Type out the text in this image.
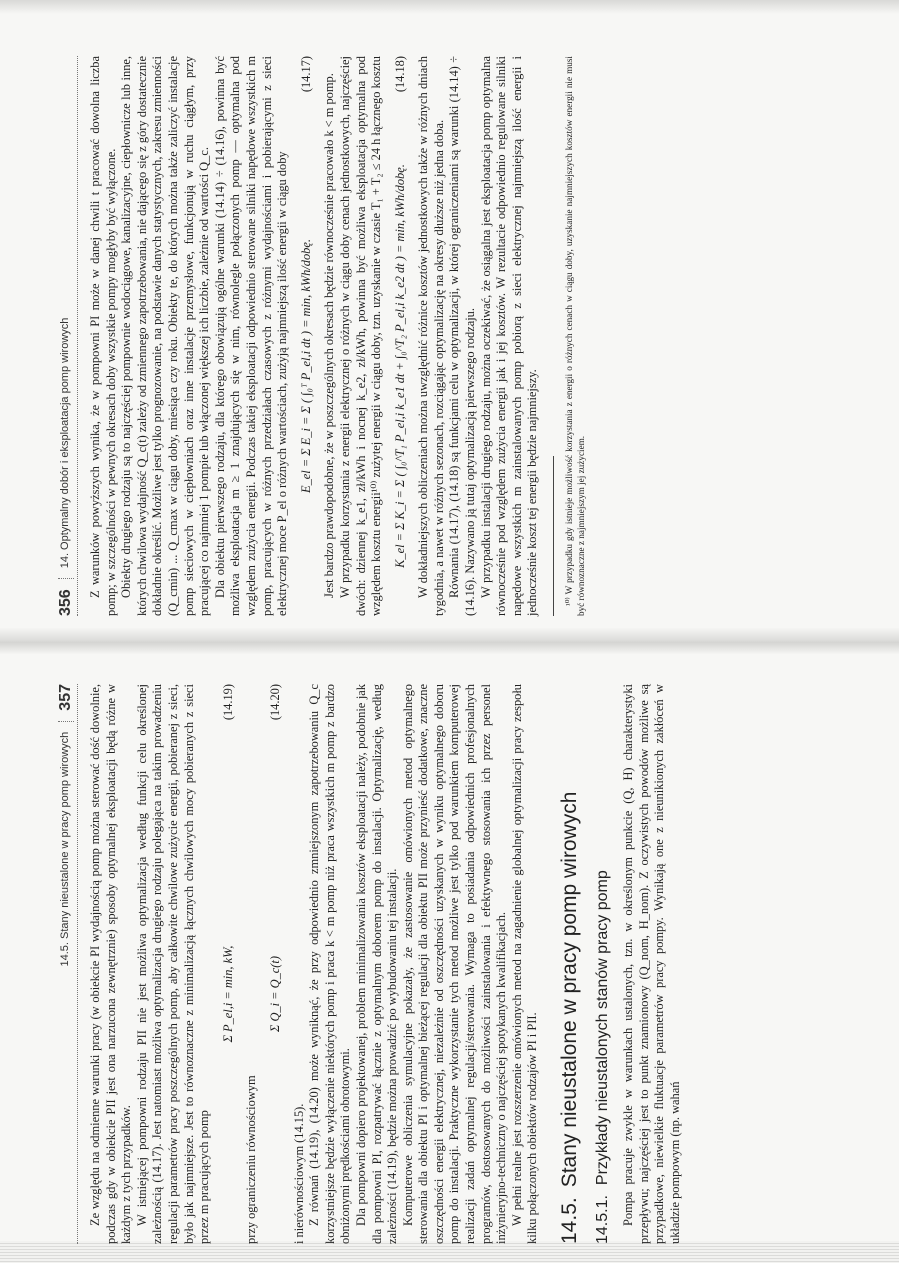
356
14. Optymalny dobór i eksploatacja pomp wirowych Z warunków powyższych wynika, że w pompowni PI może w danej chwili t pracować dowolna liczba pomp; w szczególności w pewnych okresach doby wszystkie pompy mogłyby być wyłączone. Obiekty drugiego rodzaju są to najczęściej pompownie wodociągowe, kanalizacyjne, ciepłownicze lub inne, których chwilowa wydajność Q_c(t) zależy od zmiennego zapotrzebowania, nie dającego się z góry dostatecznie dokładnie określić. Możliwe jest tylko prognozowanie, na podstawie danych statystycznych, zakresu zmienności (Q_cmin) ... Q_cmax w ciągu doby, miesiąca czy roku. Obiekty te, do których można także zaliczyć instalacje pomp sieciowych w ciepłowniach oraz inne instalacje przemysłowe, funkcjonują w ruchu ciągłym, przy pracującej co najmniej 1 pompie lub włączonej większej ich liczbie, zależnie od wartości Q_c. Dla obiektu pierwszego rodzaju, dla którego obowiązują ogólne warunki (14.14) ÷ (14.16), powinna być możliwa eksploatacja m ≥ 1 znajdujących się w nim, równolegle połączonych pomp — optymalna pod względem zużycia energii. Podczas takiej eksploatacji odpowiednio sterowane silniki napędowe wszystkich m pomp, pracujących w różnych przedziałach czasowych z różnymi wydajnościami i pobierającymi z sieci elektrycznej moce P_el o różnych wartościach, zużyją najmniejszą ilość energii w ciągu doby E_el = Σ E_i = Σ ( ∫₀ᵀ P_el,i dt ) = min, kWh/dobę.
(14.17) Jest bardzo prawdopodobne, że w poszczególnych okresach będzie równocześnie pracowało k < m pomp. W przypadku korzystania z energii elektrycznej o różnych w ciągu doby cenach jednostkowych, najczęściej dwóch: dziennej k_e1, zł/kWh i nocnej k_e2, zł/kWh, powinna być możliwa eksploatacja optymalna pod względem kosztu energii¹⁰⁾ zużytej energii w ciągu doby, tzn. uzyskanie w czasie T₁ + T₂ ≤ 24 h łącznego kosztu K_el = Σ K_i = Σ ( ∫₀^T₁ P_el,i k_e1 dt + ∫₀^T₂ P_el,i k_e2 dt ) = min, kWh/dobę.
(14.18) W dokładniejszych obliczeniach można uwzględnić różnice kosztów jednostkowych także w różnych dniach tygodnia, a nawet w różnych sezonach, rozciągając optymalizację na okresy dłuższe niż jedna doba. Równania (14.17), (14.18) są funkcjami celu w optymalizacji, w której ograniczeniami są warunki (14.14) ÷ (14.16). Nazywano ją tutaj optymalizacją pierwszego rodzaju. W przypadku instalacji drugiego rodzaju, można oczekiwać, że osiągalna jest eksploatacja pomp optymalna równocześnie pod względem zużycia energii jak i jej kosztów. W rezultacie odpowiednio regulowane silniki napędowe wszystkich m zainstalowanych pomp pobiorą z sieci elektrycznej najmniejszą ilość energii i jednocześnie koszt tej energii będzie najmniejszy.	¹⁰⁾ W przypadku gdy istnieje możliwość korzystania z energii o różnych cenach w ciągu doby, uzyskanie najmniejszych kosztów energii nie musi być równoznaczne z najmniejszym jej zużyciem.

14.5. Stany nieustalone w pracy pomp wirowych
357 Ze względu na odmienne warunki pracy (w obiekcie PI wydajnością pomp można sterować dość dowolnie, podczas gdy w obiekcie PII jest ona narzucona zewnętrznie) sposoby optymalnej eksploatacji będą różne w każdym z tych przypadków. W istniejącej pompowni rodzaju PII nie jest możliwa optymalizacja według funkcji celu określonej zależnością (14.17). Jest natomiast możliwa optymalizacja drugiego rodzaju polegająca na takim prowadzeniu regulacji parametrów pracy poszczególnych pomp, aby całkowite chwilowe zużycie energii, pobieranej z sieci, było jak najmniejsze. Jest to równoznaczne z minimalizacją łącznych chwilowych mocy pobieranych z sieci przez m pracujących pomp

Σ P_el,i = min, kW,
(14.19)

przy ograniczeniu równościowym

Σ Q_i = Q_c(t)
(14.20)

i nierównościowym (14.15). Z równań (14.19), (14.20) może wyniknąć, że przy odpowiednio zmniejszonym zapotrzebowaniu Q_c korzystniejsze będzie wyłączenie niektórych pomp i praca k < m pomp niż praca wszystkich m pomp z bardzo obniżonymi prędkościami obrotowymi. Dla pompowni dopiero projektowanej, problem minimalizowania kosztów eksploatacji należy, podobnie jak dla pompowni PI, rozpatrywać łącznie z optymalnym doborem pomp do instalacji. Optymalizację, według zależności (14.19), będzie można prowadzić po wybudowaniu tej instalacji. Komputerowe obliczenia symulacyjne pokazały, że zastosowanie omówionych metod optymalnego sterowania dla obiektu PI i optymalnej bieżącej regulacji dla obiektu PII może przynieść dodatkowe, znaczne oszczędności energii elektrycznej, niezależnie od oszczędności uzyskanych w wyniku optymalnego doboru pomp do instalacji. Praktyczne wykorzystanie tych metod możliwe jest tylko pod warunkiem komputerowej realizacji zadań optymalnej regulacji/sterowania. Wymaga to posiadania odpowiednich profesjonalnych programów, dostosowanych do możliwości zainstalowania i efektywnego stosowania ich przez personel inżynieryjno-techniczny o najczęściej spotykanych kwalifikacjach. W pełni realne jest rozszerzenie omówionych metod na zagadnienie globalnej optymalizacji pracy zespołu kilku połączonych obiektów rodzajów PI i PII. 14.5.Stany nieustalone w pracy pomp wirowych
14.5.1.Przykłady nieustalonych stanów pracy pomp Pompa pracuje zwykle w warunkach ustalonych, tzn. w określonym punkcie (Q, H) charakterystyki przepływu; najczęściej jest to punkt znamionowy (Q_nom, H_nom). Z oczywistych powodów możliwe są przypadkowe, niewielkie fluktuacje parametrów pracy pompy. Wynikają one z nieunikionych zakłóceń w układzie pompowym (np. wahań
